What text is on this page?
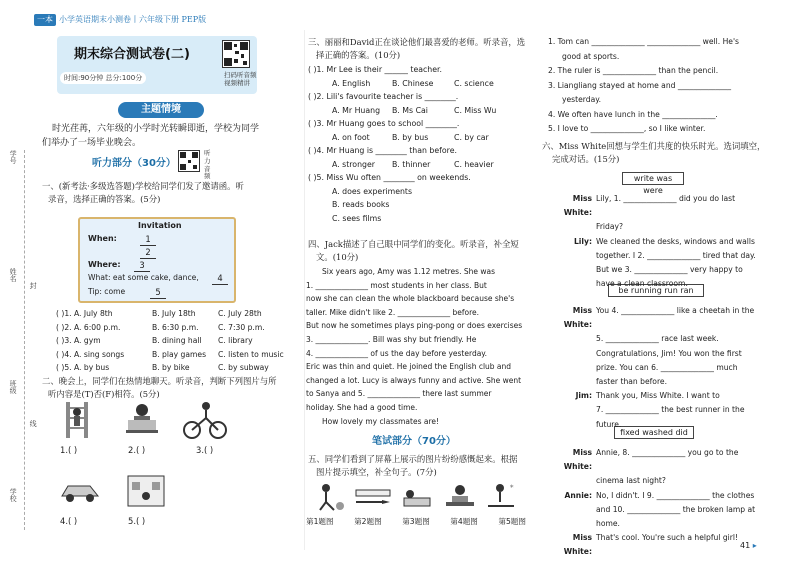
一本 小学英语期末小测卷丨六年级下册 PEP版
学号
姓名
封
班级
线
学校
期末综合测试卷(二)
时间:90分钟 总分:100分	扫码听音频 视频精讲
主题情境
时光荏苒，六年级的小学时光转瞬即逝，学校为同学
们举办了一场毕业晚会。
听力部分（30分）
听力音频
一、(新考法·多级选答题)学校给同学们发了邀请函。听
录音，选择正确的答案。(5分)
Invitation
When:	1
2
Where:	3
What: eat some cake, dance,	4
Tip: come	5
( )1. A. July 8th	B. July 18th	C. July 28th
( )2. A. 6:00 p.m.	B. 6:30 p.m.	C. 7:30 p.m.
( )3. A. gym	B. dining hall	C. library
( )4. A. sing songs	B. play games	C. listen to music
( )5. A. by bus	B. by bike	C. by subway
二、晚会上，同学们在热情地聊天。听录音，判断下列图片与所
听内容是(T)否(F)相符。(5分)
1.( )	2.( )	3.( )
4.( )	5.( )
三、丽丽和David正在谈论他们最喜爱的老师。听录音，选
择正确的答案。(10分)
( )1. Mr Lee is their ______ teacher.
A. English	B. Chinese	C. science
( )2. Lili's favourite teacher is ________.
A. Mr Huang	B. Ms Cai	C. Miss Wu
( )3. Mr Huang goes to school ________.
A. on foot	B. by bus	C. by car
( )4. Mr Huang is ________ than before.
A. stronger	B. thinner	C. heavier
( )5. Miss Wu often ________ on weekends.
A. does experiments
B. reads books
C. sees films
四、Jack描述了自己眼中同学们的变化。听录音，补全短
文。(10分)
Six years ago, Amy was 1.12 metres. She was
1. ______________ most students in her class. But
now she can clean the whole blackboard because she's
taller. Mike didn't like 2. ______________ before.
But now he sometimes plays ping-pong or does exercises
3. ______________. Bill was shy but friendly. He
4. ______________ of us the day before yesterday.
Eric was thin and quiet. He joined the English club and
changed a lot. Lucy is always funny and active. She went
to Sanya and 5. ______________ there last summer
holiday. She had a good time.
How lovely my classmates are!
笔试部分（70分）
五、同学们看到了屏幕上展示的图片纷纷感慨起来。根据
图片提示填空，补全句子。(7分)
*
第1题图	第2题图	第3题图	第4题图	第5题图
1. Tom can ______________ ______________ well. He's
good at sports.
2. The ruler is ______________ than the pencil.
3. Liangliang stayed at home and ______________
yesterday.
4. We often have lunch in the ______________.
5. I love to ______________, so I like winter.
六、Miss White回想与学生们共度的快乐时光。选词填空，
完成对话。(15分)
wr‌ite was were
be running run ran
fixed washed did
Miss White:
Lily, 1. ______________ did you do last
Friday?
Lily: We cleaned the desks, windows and walls
together. I 2. ______________ tired that day.
But we 3. ______________ very happy to
have a clean classroom.
Miss White:
You 4. ______________ like a cheetah in the
5. ______________ race last week.
Congratulations, Jim! You won the first
prize. You can 6. ______________ much
faster than before.
Jim: Thank you, Miss White. I want to
7. ______________ the best runner in the
future.
Miss White:
Annie, 8. ______________ you go to the
cinema last night?
Annie: No, I didn't. I 9. ______________ the clothes
and 10. ______________ the broken lamp at
home.
Miss White:
That's cool. You're such a helpful girl!
41 ▸
